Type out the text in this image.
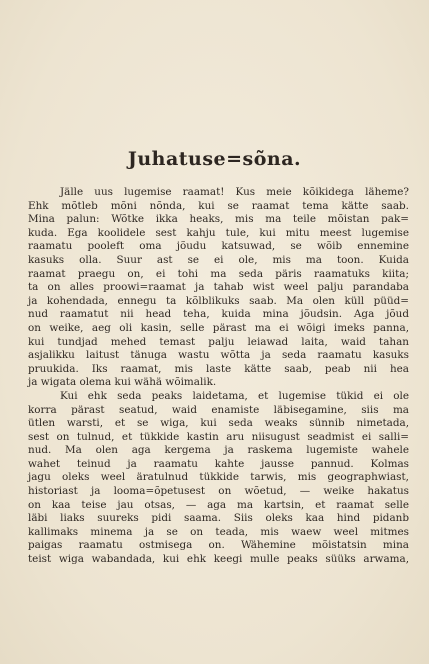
Juhatuse=sõna.
Jälle uus lugemise raamat! Kus meie kõikidega läheme?
Ehk mõtleb mõni nõnda, kui se raamat tema kätte saab.
Mina palun: Wõtke ikka heaks, mis ma teile mõistan pak=
kuda. Ega koolidele sest kahju tule, kui mitu meest lugemise
raamatu pooleft oma jõudu katsuwad, se wõib ennemine
kasuks olla. Suur ast se ei ole, mis ma toon. Kuida
raamat praegu on, ei tohi ma seda päris raamatuks kiita;
ta on alles proowi=raamat ja tahab wist weel palju parandaba
ja kohendada, ennegu ta kõlblikuks saab. Ma olen küll püüd=
nud raamatut nii head teha, kuida mina jõudsin. Aga jõud
on weike, aeg oli kasin, selle pärast ma ei wõigi imeks panna,
kui tundjad mehed temast palju leiawad laita, waid tahan
asjalikku laitust tänuga wastu wõtta ja seda raamatu kasuks
pruukida. Iks raamat, mis laste kätte saab, peab nii hea
ja wigata olema kui wähä wõimalik.
Kui ehk seda peaks laidetama, et lugemise tükid ei ole
korra pärast seatud, waid enamiste läbisegamine, siis ma
ütlen warsti, et se wiga, kui seda weaks sünnib nimetada,
sest on tulnud, et tükkide kastin aru niisugust seadmist ei salli=
nud. Ma olen aga kergema ja raskema lugemiste wahele
wahet teinud ja raamatu kahte jausse pannud. Kolmas
jagu oleks weel äratulnud tükkide tarwis, mis geographwiast,
historiast ja looma=õpetusest on wõetud, — weike hakatus
on kaa teise jau otsas, — aga ma kartsin, et raamat selle
läbi liaks suureks pidi saama. Siis oleks kaa hind pidanb
kallimaks minema ja se on teada, mis waew weel mitmes
paigas raamatu ostmisega on. Wähemine mõistatsin mina
teist wiga wabandada, kui ehk keegi mulle peaks süüks arwama,
